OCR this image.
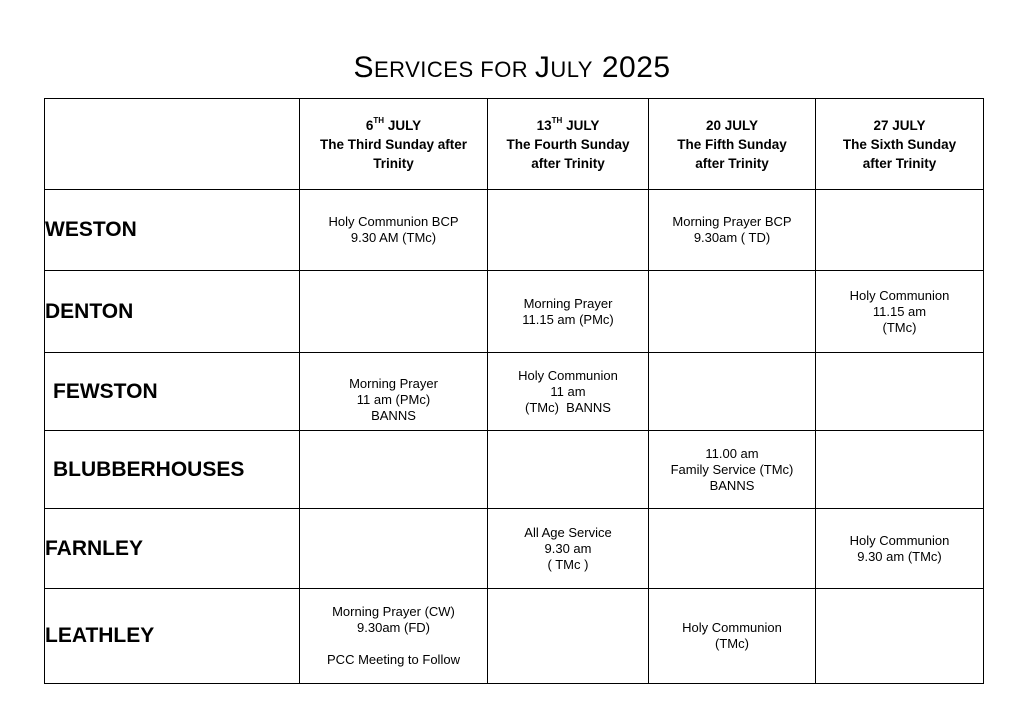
SERVICES FOR JULY 2025
	6TH JULY
The Third Sunday after
Trinity	13TH JULY
The Fourth Sunday
after Trinity	20 JULY
The Fifth Sunday
after Trinity	27 JULY
The Sixth Sunday
after Trinity
WESTON	Holy Communion BCP
9.30 AM (TMc)		Morning Prayer BCP
9.30am ( TD)	

DENTON		Morning Prayer
11.15 am (PMc)		Holy Communion
11.15 am
(TMc)

FEWSTON	Morning Prayer
11 am (PMc)
BANNS	Holy Communion
11 am
(TMc)  BANNS		

BLUBBERHOUSES			11.00 am
Family Service (TMc)
BANNS	

FARNLEY		All Age Service
9.30 am
( TMc )		Holy Communion
9.30 am (TMc)

LEATHLEY	Morning Prayer (CW)
9.30am (FD)
PCC Meeting to Follow		Holy Communion
(TMc)	
